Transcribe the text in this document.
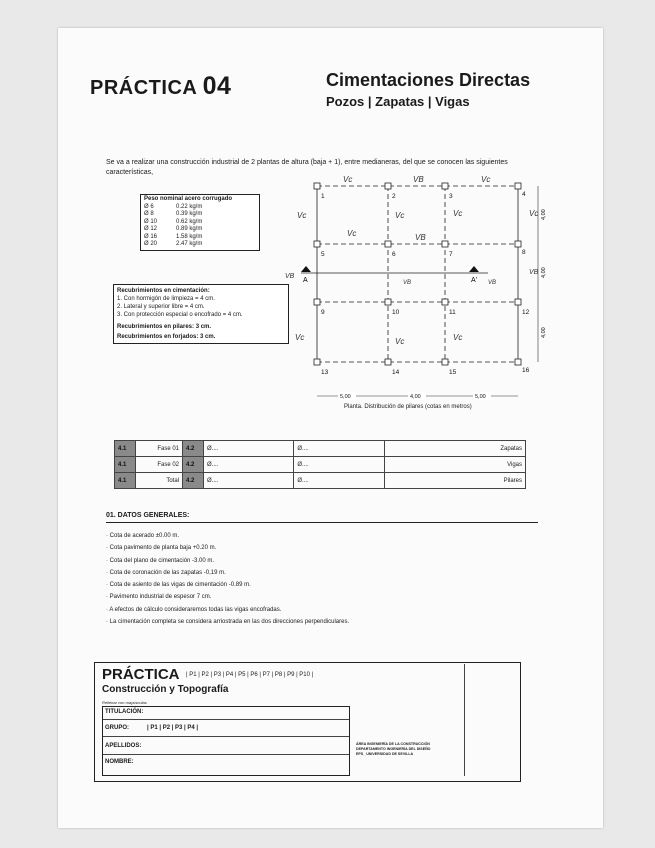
PRÁCTICA 04	Cimentaciones Directas
Pozos | Zapatas | Vigas
Se va a realizar una construcción industrial de 2 plantas de altura (baja + 1), entre medianeras, del que se conocen las siguientes características,
Peso nominal acero corrugado
Ø 6	0.22 kg/m
Ø 8	0.39 kg/m
Ø 10	0.62 kg/m
Ø 12	0.89 kg/m
Ø 16	1.58 kg/m
Ø 20	2.47 kg/m
Recubrimientos en cimentación:
1. Con hormigón de limpieza = 4 cm.
2. Lateral y superior libre = 4 cm.
3. Con protección especial o encofrado = 4 cm.
Recubrimientos en pilares: 3 cm.
Recubrimientos en forjados: 3 cm.
1	2	3	4
5	6	7	8
9	10	11	12
13	14	15	16
A	A'
Vc	VB	Vc
Vc	Vc	Vc	Vc
Vc	VB
VB	VB
VB
VB
Vc	Vc	Vc
5,00	4,00	5,00
4,00
4,00
4,00
Planta. Distribución de pilares (cotas en metros)
4.1	Fase 01	4.2	Ø....	Ø....	Zapatas
4.1	Fase 02	4.2	Ø....	Ø....	Vigas
4.1	Total	4.2	Ø....	Ø....	Pilares
01. DATOS GENERALES:
· Cota de acerado ±0.00 m.
· Cota pavimento de planta baja +0.20 m.
· Cota del plano de cimentación -3.00 m.
· Cota de coronación de las zapatas -0,19 m.
· Cota de asiento de las vigas de cimentación -0.89 m.
· Pavimento industrial de espesor 7 cm.
· A efectos de cálculo consideraremos todas las vigas encofradas.
· La cimentación completa se considera arriostrada en las dos direcciones perpendiculares.
PRÁCTICA | P1 | P2 | P3 | P4 | P5 | P6 | P7 | P8 | P9 | P10 |
Construcción y Topografía
Rellenar con mayúsculas
TITULACIÓN:
GRUPO:	| P1 | P2 | P3 | P4 |
APELLIDOS:
NOMBRE:
ÁREA INGENIERÍA DE LA CONSTRUCCIÓN
DEPARTAMENTO INGENIERÍA DEL DISEÑO
EPS_ UNIVERSIDAD DE SEVILLA
